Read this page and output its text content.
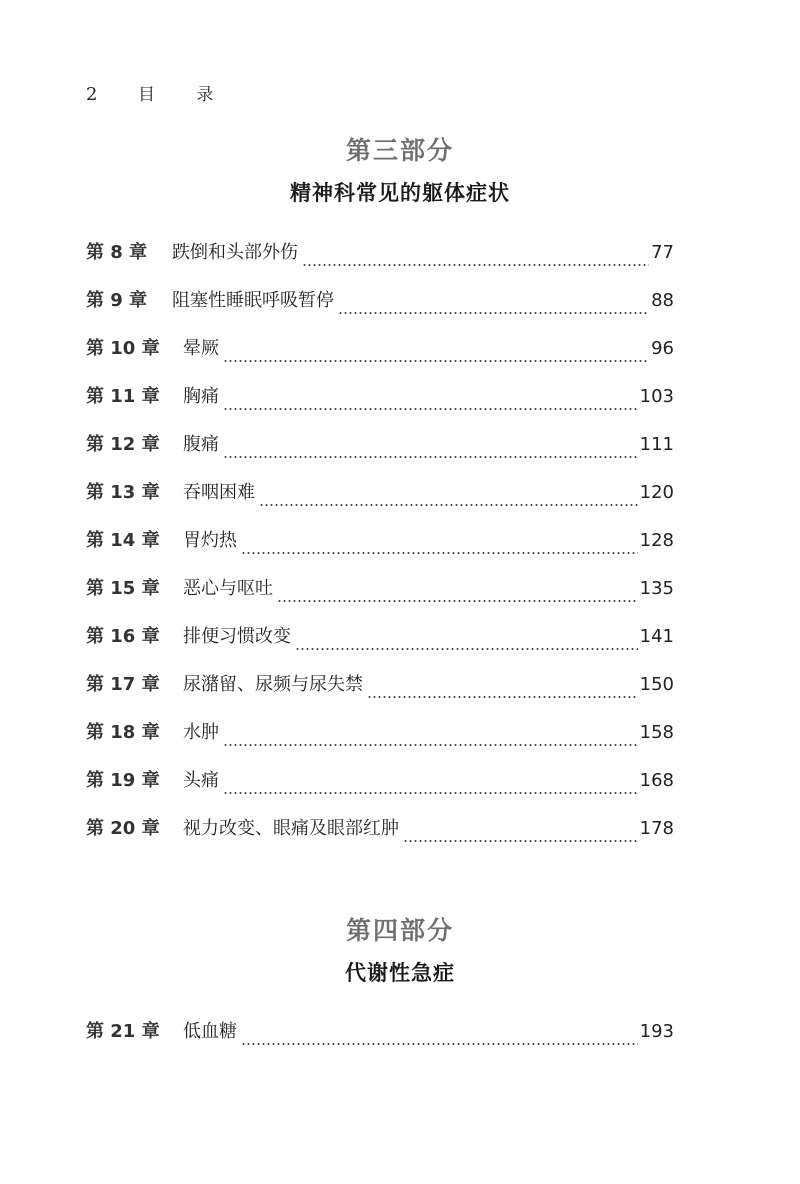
2	目 录
第三部分
精神科常见的躯体症状
第 8 章	跌倒和头部外伤	77
第 9 章	阻塞性睡眠呼吸暂停	88
第 10 章	晕厥	96
第 11 章	胸痛	103
第 12 章	腹痛	111
第 13 章	吞咽困难	120
第 14 章	胃灼热	128
第 15 章	恶心与呕吐	135
第 16 章	排便习惯改变	141
第 17 章	尿潴留、尿频与尿失禁	150
第 18 章	水肿	158
第 19 章	头痛	168
第 20 章	视力改变、眼痛及眼部红肿	178
第四部分
代谢性急症
第 21 章	低血糖	193
